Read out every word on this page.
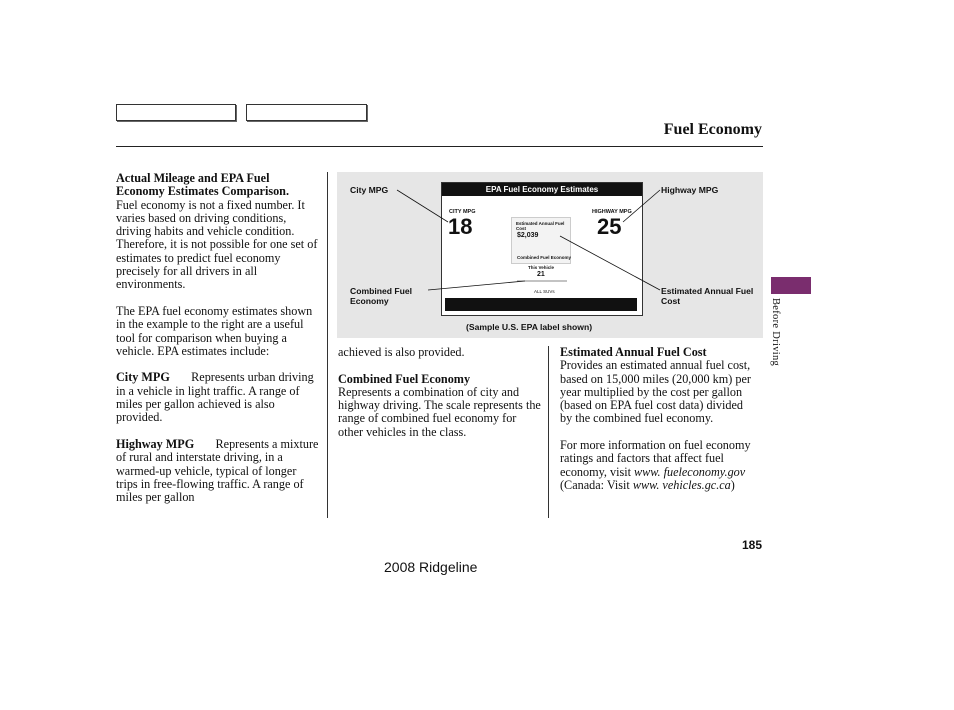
Fuel Economy

Actual Mileage and EPA Fuel Economy Estimates Comparison.
Fuel economy is not a fixed number. It varies based on driving conditions, driving habits and vehicle condition. Therefore, it is not possible for one set of estimates to predict fuel economy precisely for all drivers in all environments.

The EPA fuel economy estimates shown in the example to the right are a useful tool for comparison when buying a vehicle. EPA estimates include:

City MPG Represents urban driving in a vehicle in light traffic. A range of miles per gallon achieved is also provided.

Highway MPG Represents a mixture of rural and interstate driving, in a warmed-up vehicle, typical of longer trips in free-flowing traffic. A range of miles per gallon

City MPG	Highway MPG
Combined Fuel Economy
Estimated Annual Fuel Cost
(Sample U.S. EPA label shown)
EPA Fuel Economy Estimates
CITY MPG
18
HIGHWAY MPG
25
Estimated Annual Fuel Cost
$2,039
Combined Fuel Economy
This Vehicle
21
ALL SUVs

achieved is also provided.

Combined Fuel Economy
Represents a combination of city and highway driving. The scale represents the range of combined fuel economy for other vehicles in the class.

Estimated Annual Fuel Cost
Provides an estimated annual fuel cost, based on 15,000 miles (20,000 km) per year multiplied by the cost per gallon (based on EPA fuel cost data) divided by the combined fuel economy.

For more information on fuel economy ratings and factors that affect fuel economy, visit www. fueleconomy.gov (Canada: Visit www. vehicles.gc.ca)

Before Driving
185
2008 Ridgeline
